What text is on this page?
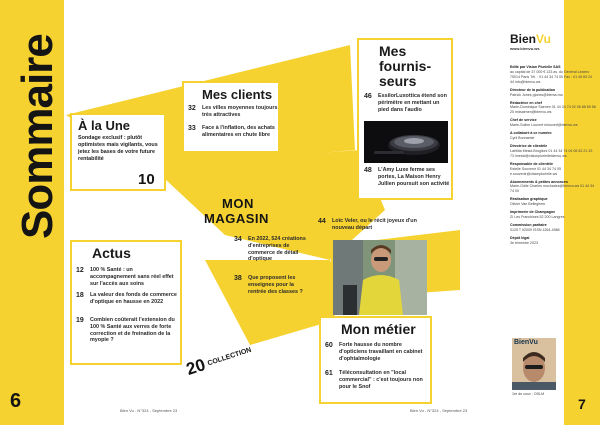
Sommaire
6
À la Une
Sondage exclusif : plutôt optimistes mais vigilants, vous jetez les bases de votre future rentabilité
10
Mes clients
32	Les villes moyennes toujours très attractives
33	Face à l'inflation, des achats alimentaires en chute libre
Mes
fournis-
seurs
46	EssilorLuxottica étend son périmètre en mettant un pied dans l'audio
48	L'Amy Luxe ferme ses portes, La Maison Henry Jullien poursuit son activité
MON
MAGASIN
34	En 2022, 524 créations d'entreprises de commerce de détail d'optique
38	Que proposent les enseignes pour la rentrée des classes ?
44	Loïc Veler, ou le récit joyeux d'un nouveau départ
Actus
12	100 % Santé : un accompagnement sans réel effet sur l'accès aux soins
18	La valeur des fonds de commerce d'optique en hausse en 2022
19	Combien coûterait l'extension du 100 % Santé aux verres de forte correction et de freination de la myopie ?
20
COLLECTION
Mon métier
60	Forte hausse du nombre d'opticiens travaillant en cabinet d'ophtalmologie
61	Téléconsultation en "local commercial" : c'est toujours non pour le Snof
Bien Vu - N°324 - Septembre 23	Bien Vu - N°324 - Septembre 23	7
BienVu
www.bienvu.ws
Edité par Vision Plurielle SAS
au capital de 37 000 € 133 av. du Général Leclerc 75014 Paris Tél. : 01 44 34 74 00 Fax : 01 45 83 24 44 info@bienvu.ws
Directeur de la publication
Patrick Jones pjones@bienvu.ws
Rédactrice en chef
Marie-Dominique Saenen 01 44 34 74 02 06 88 69 56 25 mdsaenen@bienvu.ws
Chef de service
Marie-Soline Louvert mlouvert@bienvu.ws
A collaboré à ce numéro
Cyril Bonnamie
Directrice de clientèle
Laëtitia Mesid-Broglioni 01 44 34 74 04 06 63 21 43 73 lmesid@visionpluriellebienvu.ws
Responsable de clientèle
Estelle Souvenir 01 44 34 74 05 e.souvenir@visionplurielle.ws
Abonnements & petites annonces
Marie-Odile Charles mocharles@bienvu.ws 01 44 34 74 00
Réalisation graphique
Olivier Van Belleghem
Imprimerie de Champagne
ZI Les Franchises 52 200 Langres
Commission paritaire
0125 T 92009 ISSN 1264-4986
Dépôt légal
3e trimestre 2023
BienVu
1re de couv : ODLM
